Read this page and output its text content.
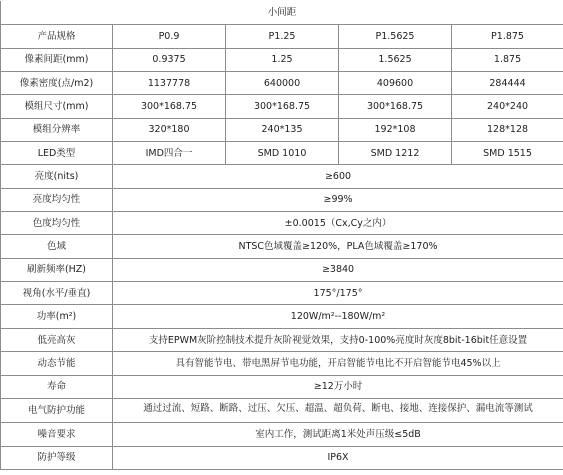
小间距				
产品规格	P0.9	P1.25	P1.5625	P1.875
像素间距(mm)	0.9375	1.25	1.5625	1.875
像素密度(点/m2)	1137778	640000	409600	284444
模组尺寸(mm)	300*168.75	300*168.75	300*168.75	240*240
模组分辨率	320*180	240*135	192*108	128*128
LED类型	IMD四合一	SMD 1010	SMD 1212	SMD 1515
亮度(nits)	≥600			
亮度均匀性	≥99%			
色度均匀性	±0.0015（Cx,Cy之内）			
色域	NTSC色域覆盖≥120%，PLA色域覆盖≥170%			
刷新频率(HZ)	≥3840			
视角(水平/垂直)	175°/175°			
功率(m²)	120W/m²--180W/m²			
低亮高灰	支持EPWM灰阶控制技术提升灰阶视觉效果，支持0-100%亮度时灰度8bit-16bit任意设置			
动态节能	具有智能节电、带电黑屏节电功能，开启智能节电比不开启智能节电45%以上			
寿命	≥12万小时			
电气防护功能	通过过流、短路、断路、过压、欠压、超温、超负荷、断电、接地、连接保护、漏电流等测试			
噪音要求	室内工作，测试距离1米处声压级≤5dB			
防护等级	IP6X			
